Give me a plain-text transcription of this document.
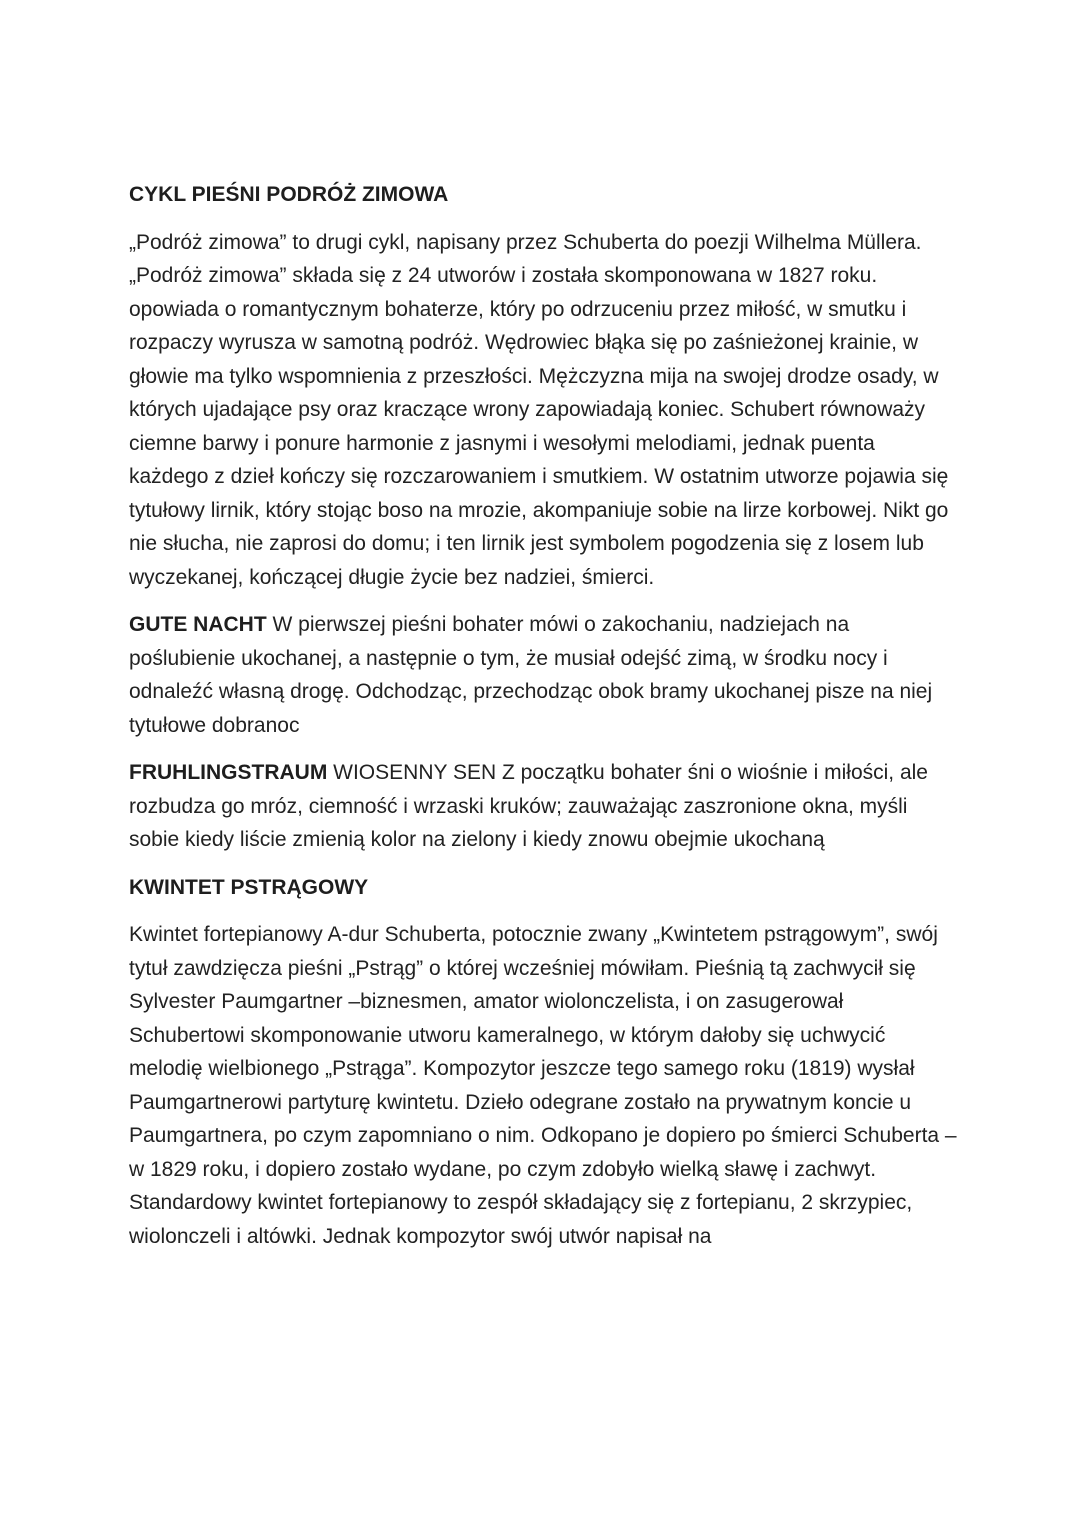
CYKL PIEŚNI PODRÓŻ ZIMOWA

„Podróż zimowa” to drugi cykl, napisany przez Schuberta do poezji Wilhelma Müllera. „Podróż zimowa” składa się z 24 utworów i została skomponowana w 1827 roku. opowiada o romantycznym bohaterze, który po odrzuceniu przez miłość, w smutku i rozpaczy wyrusza w samotną podróż. Wędrowiec błąka się po zaśnieżonej krainie, w głowie ma tylko wspomnienia z przeszłości. Mężczyzna mija na swojej drodze osady, w których ujadające psy oraz kraczące wrony zapowiadają koniec. Schubert równoważy ciemne barwy i ponure harmonie z jasnymi i wesołymi melodiami, jednak puenta każdego z dzieł kończy się rozczarowaniem i smutkiem. W ostatnim utworze pojawia się tytułowy lirnik, który stojąc boso na mrozie, akompaniuje sobie na lirze korbowej. Nikt go nie słucha, nie zaprosi do domu; i ten lirnik jest symbolem pogodzenia się z losem lub wyczekanej, kończącej długie życie bez nadziei, śmierci.

GUTE NACHT W pierwszej pieśni bohater mówi o zakochaniu, nadziejach na poślubienie ukochanej, a następnie o tym, że musiał odejść zimą, w środku nocy i odnaleźć własną drogę. Odchodząc, przechodząc obok bramy ukochanej pisze na niej tytułowe dobranoc

FRUHLINGSTRAUM WIOSENNY SEN Z początku bohater śni o wiośnie i miłości, ale rozbudza go mróz, ciemność i wrzaski kruków; zauważając zaszronione okna, myśli sobie kiedy liście zmienią kolor na zielony i kiedy znowu obejmie ukochaną

KWINTET PSTRĄGOWY

Kwintet fortepianowy A-dur Schuberta, potocznie zwany „Kwintetem pstrągowym”, swój tytuł zawdzięcza pieśni „Pstrąg” o której wcześniej mówiłam. Pieśnią tą zachwycił się Sylvester Paumgartner –biznesmen, amator wiolonczelista, i on zasugerował Schubertowi skomponowanie utworu kameralnego, w którym dałoby się uchwycić melodię wielbionego „Pstrąga”. Kompozytor jeszcze tego samego roku (1819) wysłał Paumgartnerowi partyturę kwintetu. Dzieło odegrane zostało na prywatnym koncie u Paumgartnera, po czym zapomniano o nim. Odkopano je dopiero po śmierci Schuberta – w 1829 roku, i dopiero zostało wydane, po czym zdobyło wielką sławę i zachwyt. Standardowy kwintet fortepianowy to zespół składający się z fortepianu, 2 skrzypiec, wiolonczeli i altówki. Jednak kompozytor swój utwór napisał na
